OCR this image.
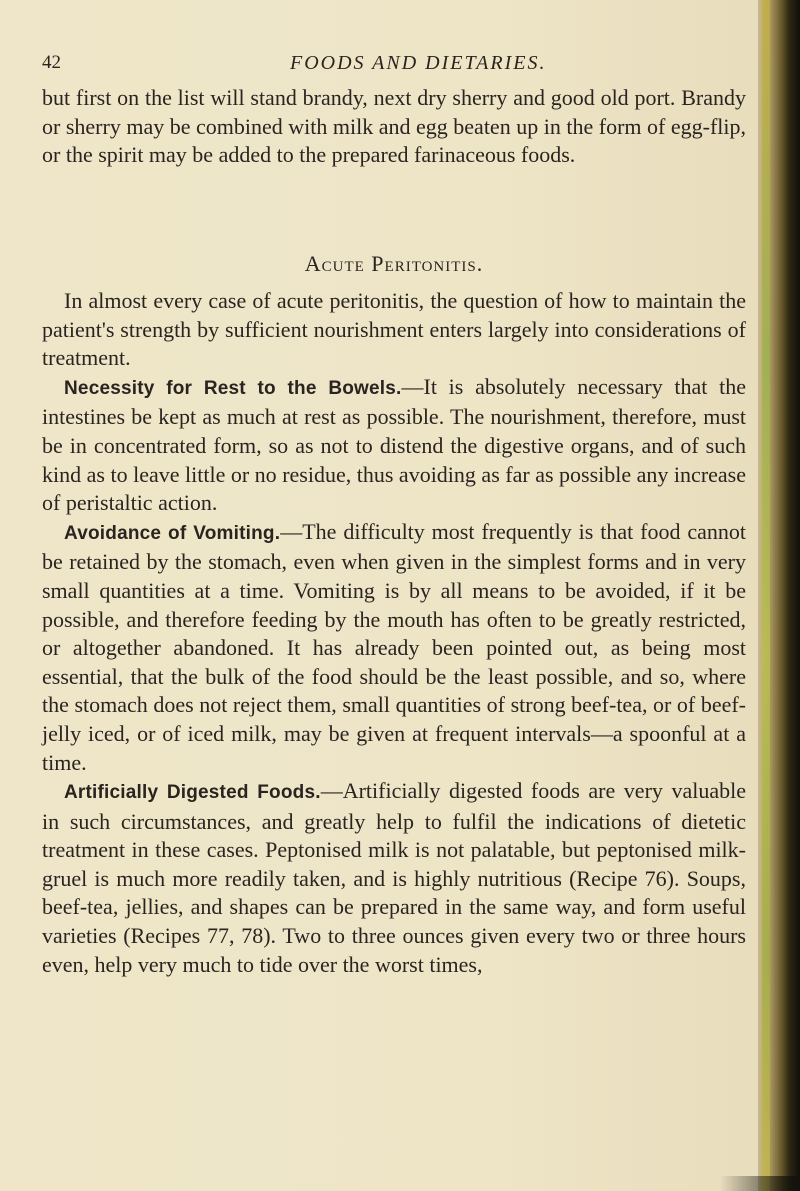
42	FOODS AND DIETARIES.

but first on the list will stand brandy, next dry sherry and good old port. Brandy or sherry may be combined with milk and egg beaten up in the form of egg-flip, or the spirit may be added to the prepared farinaceous foods.

Acute Peritonitis.

In almost every case of acute peritonitis, the question of how to maintain the patient's strength by sufficient nourishment enters largely into considerations of treatment.

Necessity for Rest to the Bowels.—It is absolutely necessary that the intestines be kept as much at rest as possible. The nourishment, therefore, must be in concentrated form, so as not to distend the digestive organs, and of such kind as to leave little or no residue, thus avoiding as far as possible any increase of peristaltic action.

Avoidance of Vomiting.—The difficulty most frequently is that food cannot be retained by the stomach, even when given in the simplest forms and in very small quantities at a time. Vomiting is by all means to be avoided, if it be possible, and therefore feeding by the mouth has often to be greatly restricted, or altogether abandoned. It has already been pointed out, as being most essential, that the bulk of the food should be the least possible, and so, where the stomach does not reject them, small quantities of strong beef-tea, or of beef-jelly iced, or of iced milk, may be given at frequent intervals—a spoonful at a time.

Artificially Digested Foods.—Artificially digested foods are very valuable in such circumstances, and greatly help to fulfil the indications of dietetic treatment in these cases. Peptonised milk is not palatable, but peptonised milk-gruel is much more readily taken, and is highly nutritious (Recipe 76). Soups, beef-tea, jellies, and shapes can be prepared in the same way, and form useful varieties (Recipes 77, 78). Two to three ounces given every two or three hours even, help very much to tide over the worst times,
